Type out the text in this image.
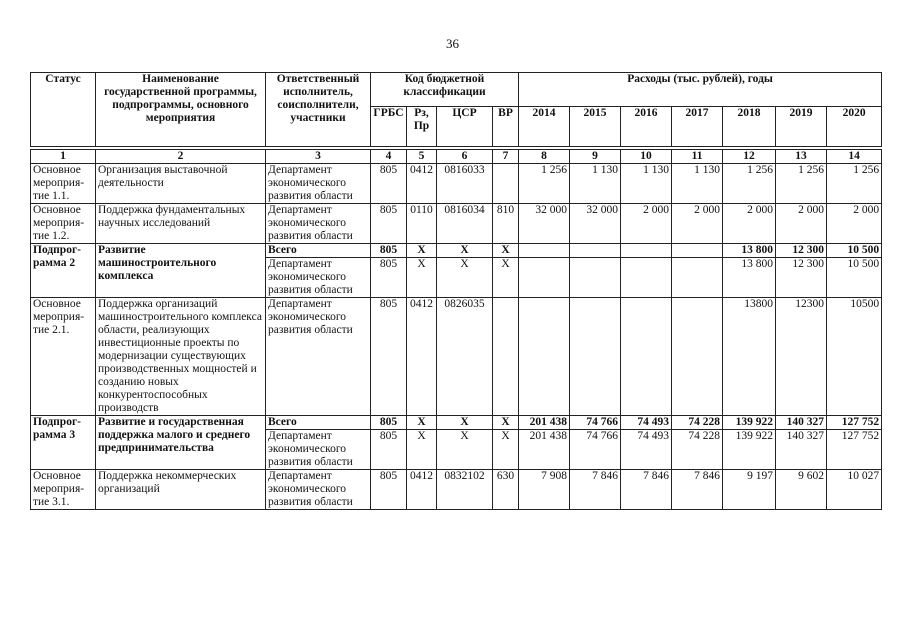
36
Статус	Наименование государственной программы, подпрограммы, основного мероприятия	Ответственный исполнитель, соисполнители, участники	Код бюджетной классификации				Расходы (тыс. рублей), годы						
			ГРБС	Рз, Пр	ЦСР	ВР	2014	2015	2016	2017	2018	2019	2020

1	2	3	4	5	6	7	8	9	10	11	12	13	14
Основное мероприя-тие 1.1.	Организация выставочной деятельности	Департамент экономического развития области	805	0412	0816033		1 256	1 130	1 130	1 130	1 256	1 256	1 256
Основное мероприя-тие 1.2.	Поддержка фундаментальных научных исследований	Департамент экономического развития области	805	0110	0816034	810	32 000	32 000	2 000	2 000	2 000	2 000	2 000
Подпрог-рамма 2	Развитие машиностроительного комплекса	Всего	805	Х	Х	Х					13 800	12 300	10 500
		Департамент экономического развития области	805	Х	Х	Х					13 800	12 300	10 500
Основное мероприя-тие 2.1.	Поддержка организаций машиностроительного комплекса области, реализующих инвестиционные проекты по модернизации существующих производственных мощностей и созданию новых конкурентоспособных производств	Департамент экономического развития области	805	0412	0826035						13800	12300	10500
Подпрог-рамма 3	Развитие и государственная поддержка малого и среднего предпринимательства	Всего	805	Х	Х	Х	201 438	74 766	74 493	74 228	139 922	140 327	127 752
		Департамент экономического развития области	805	Х	Х	Х	201 438	74 766	74 493	74 228	139 922	140 327	127 752
Основное мероприя-тие 3.1.	Поддержка некоммерческих организаций	Департамент экономического развития области	805	0412	0832102	630	7 908	7 846	7 846	7 846	9 197	9 602	10 027
